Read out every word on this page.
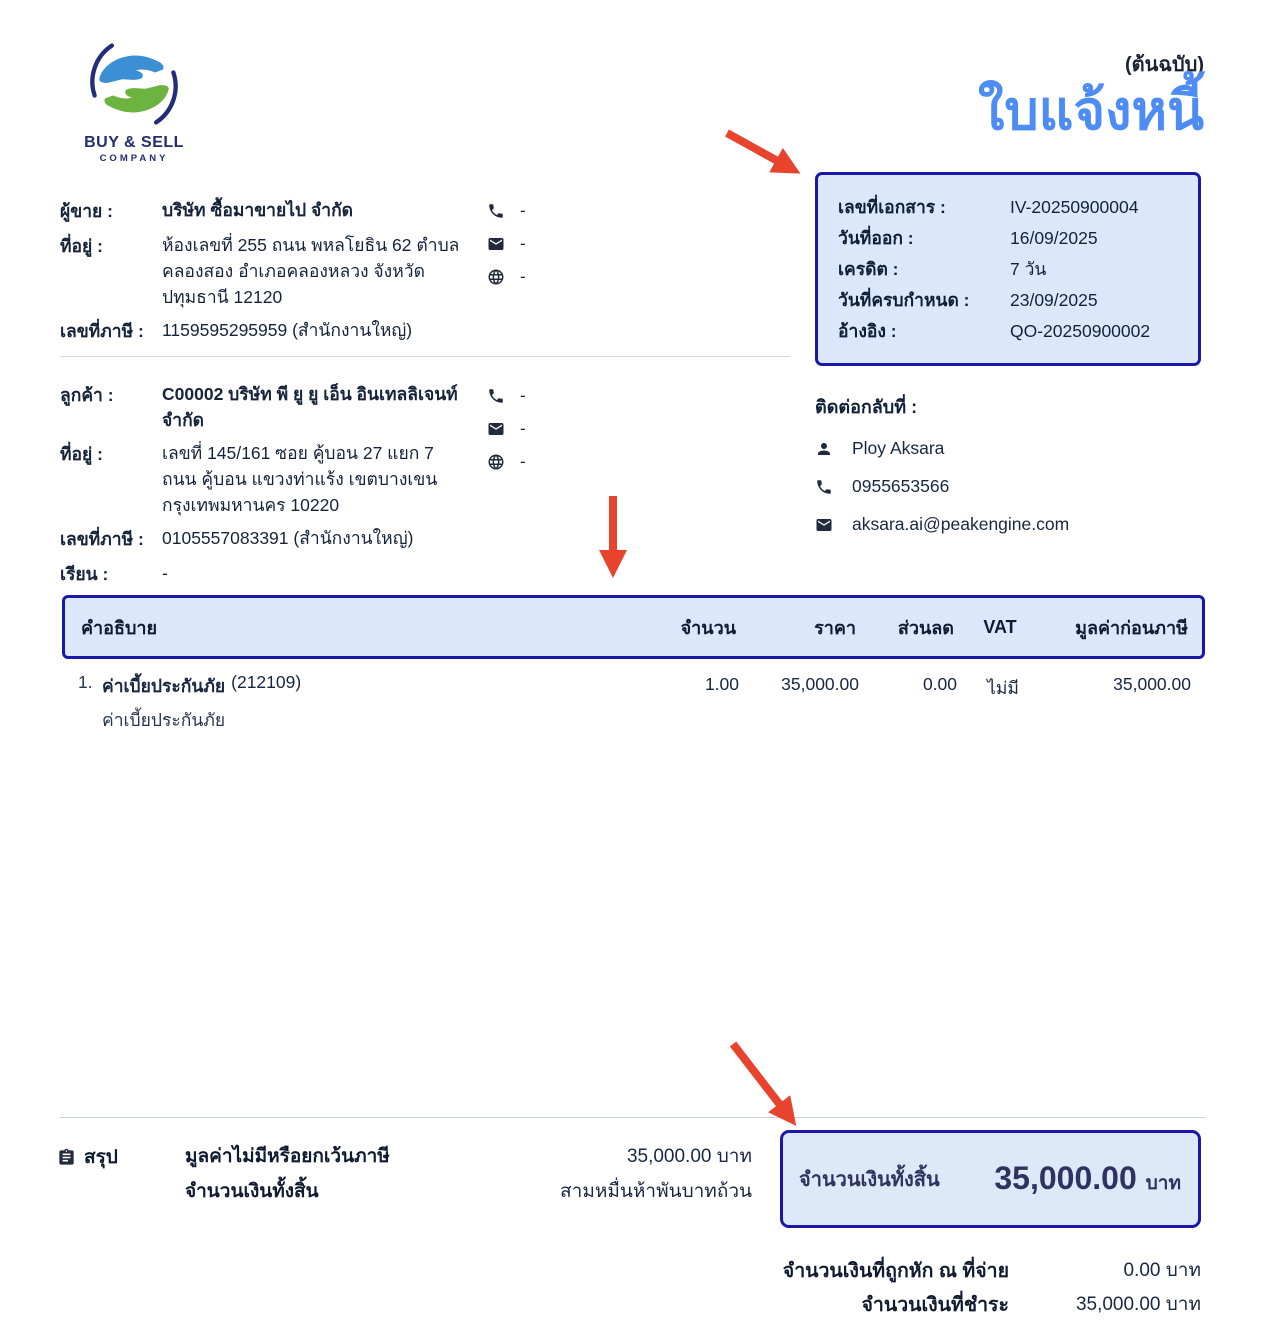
BUY & SELL
COMPANY
(ต้นฉบับ)
ใบแจ้งหนี้
เลขที่เอกสาร :	IV-20250900004
วันที่ออก :	16/09/2025
เครดิต :	7 วัน
วันที่ครบกำหนด :	23/09/2025
อ้างอิง :	QO-20250900002
ผู้ขาย :	บริษัท ซื้อมาขายไป จำกัด
ที่อยู่ :	ห้องเลขที่ 255 ถนน พหลโยธิน 62 ตำบล
คลองสอง อำเภอคลองหลวง จังหวัด
ปทุมธานี 12120
เลขที่ภาษี :	1159595295959 (สำนักงานใหญ่)
-
-
-
ลูกค้า :	C00002 บริษัท พี ยู ยู เอ็น อินเทลลิเจนท์
จำกัด
ที่อยู่ :	เลขที่ 145/161 ซอย คู้บอน 27 แยก 7
ถนน คู้บอน แขวงท่าแร้ง เขตบางเขน
กรุงเทพมหานคร 10220
เลขที่ภาษี :	0105557083391 (สำนักงานใหญ่)
เรียน :	-
-
-
-
ติดต่อกลับที่ :
Ploy Aksara
0955653566
aksara.ai@peakengine.com
คำอธิบาย	จำนวน	ราคา	ส่วนลด	VAT	มูลค่าก่อนภาษี
1. ค่าเบี้ยประกันภัย (212109)
ค่าเบี้ยประกันภัย
1.00	35,000.00	0.00	ไม่มี	35,000.00
สรุป	มูลค่าไม่มีหรือยกเว้นภาษี	35,000.00 บาท
จำนวนเงินทั้งสิ้น	สามหมื่นห้าพันบาทถ้วน
จำนวนเงินทั้งสิ้น 35,000.00 บาท
จำนวนเงินที่ถูกหัก ณ ที่จ่าย	0.00 บาท
จำนวนเงินที่ชำระ	35,000.00 บาท
